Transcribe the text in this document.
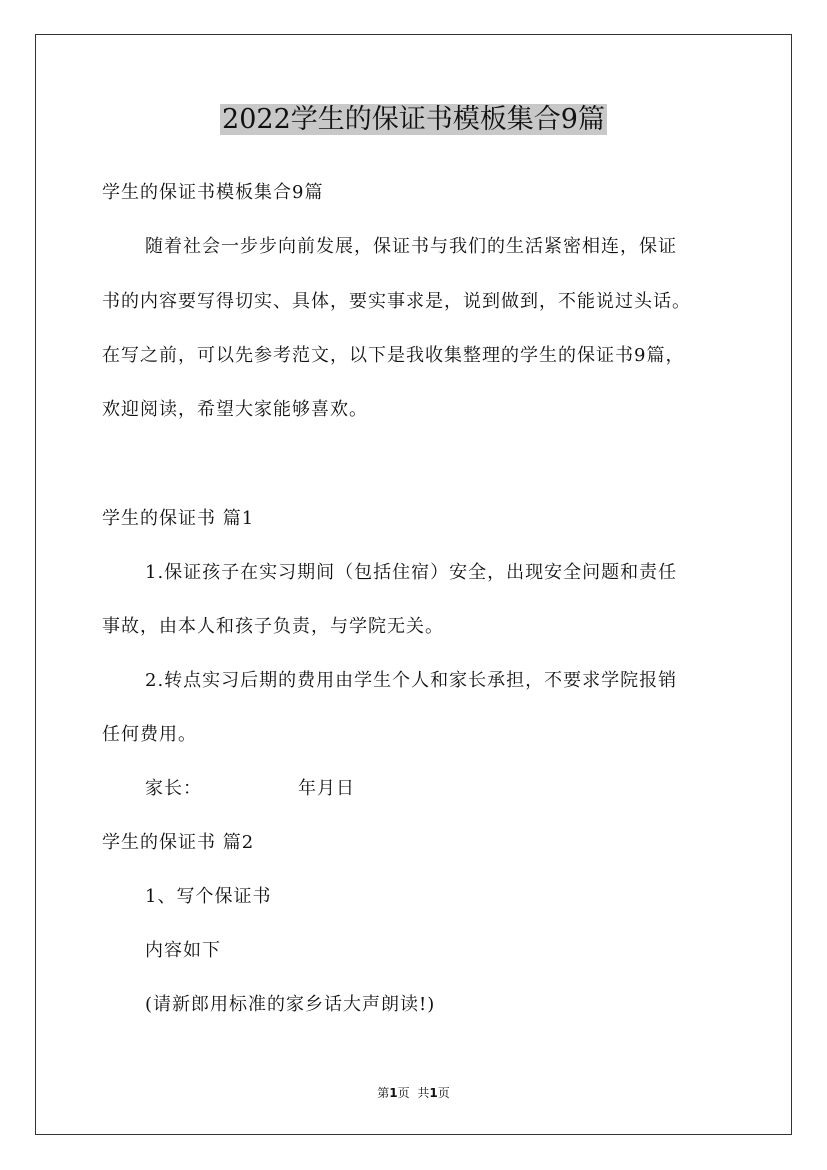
2022学生的保证书模板集合9篇
学生的保证书模板集合9篇
随着社会一步步向前发展，保证书与我们的生活紧密相连，保证
书的内容要写得切实、具体，要实事求是，说到做到，不能说过头话。
在写之前，可以先参考范文，以下是我收集整理的学生的保证书9篇，
欢迎阅读，希望大家能够喜欢。
学生的保证书 篇1
1.保证孩子在实习期间（包括住宿）安全，出现安全问题和责任
事故，由本人和孩子负责，与学院无关。
2.转点实习后期的费用由学生个人和家长承担，不要求学院报销
任何费用。
家长：	年月日
学生的保证书 篇2
1、写个保证书
内容如下
(请新郎用标准的家乡话大声朗读!)
第1页 共1页
